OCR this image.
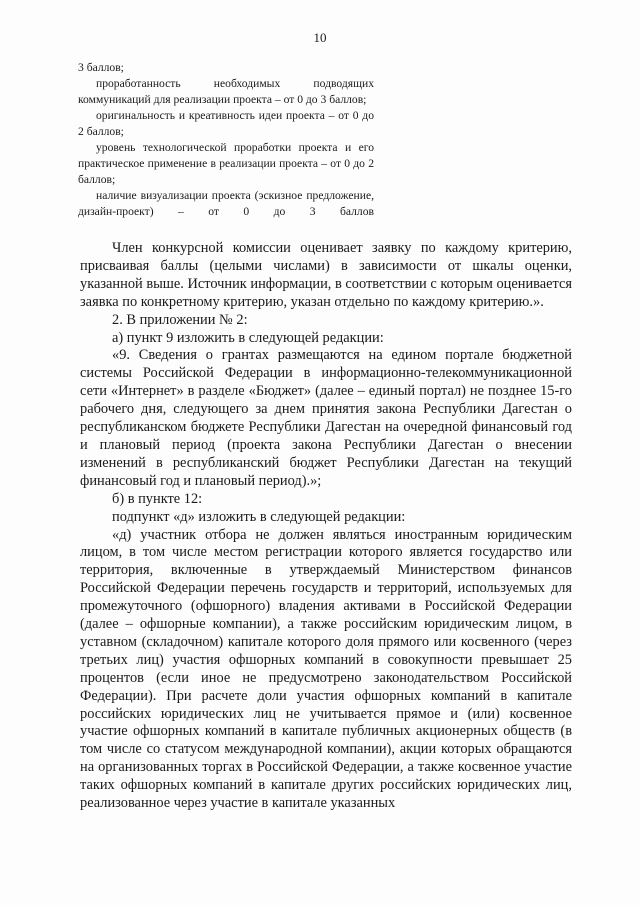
10

3 баллов;

проработанность необходимых подводящих коммуникаций для реализации проекта – от 0 до 3 баллов;

оригинальность и креативность идеи проекта – от 0 до 2 баллов;

уровень технологической проработки проекта и его практическое применение в реализации проекта – от 0 до 2 баллов;

наличие визуализации проекта (эскизное предложение, дизайн-проект) – от 0 до 3 баллов

Член конкурсной комиссии оценивает заявку по каждому критерию, присваивая баллы (целыми числами) в зависимости от шкалы оценки, указанной выше. Источник информации, в соответствии с которым оценивается заявка по конкретному критерию, указан отдельно по каждому критерию.».

2. В приложении № 2:

а) пункт 9 изложить в следующей редакции:

«9. Сведения о грантах размещаются на едином портале бюджетной системы Российской Федерации в информационно-телекоммуникационной сети «Интернет» в разделе «Бюджет» (далее – единый портал) не позднее 15-го рабочего дня, следующего за днем принятия закона Республики Дагестан о республиканском бюджете Республики Дагестан на очередной финансовый год и плановый период (проекта закона Республики Дагестан о внесении изменений в республиканский бюджет Республики Дагестан на текущий финансовый год и плановый период).»;

б) в пункте 12:

подпункт «д» изложить в следующей редакции:

«д) участник отбора не должен являться иностранным юридическим лицом, в том числе местом регистрации которого является государство или территория, включенные в утверждаемый Министерством финансов Российской Федерации перечень государств и территорий, используемых для промежуточного (офшорного) владения активами в Российской Федерации (далее – офшорные компании), а также российским юридическим лицом, в уставном (складочном) капитале которого доля прямого или косвенного (через третьих лиц) участия офшорных компаний в совокупности превышает 25 процентов (если иное не предусмотрено законодательством Российской Федерации). При расчете доли участия офшорных компаний в капитале российских юридических лиц не учитывается прямое и (или) косвенное участие офшорных компаний в капитале публичных акционерных обществ (в том числе со статусом международной компании), акции которых обращаются на организованных торгах в Российской Федерации, а также косвенное участие таких офшорных компаний в капитале других российских юридических лиц, реализованное через участие в капитале указанных
